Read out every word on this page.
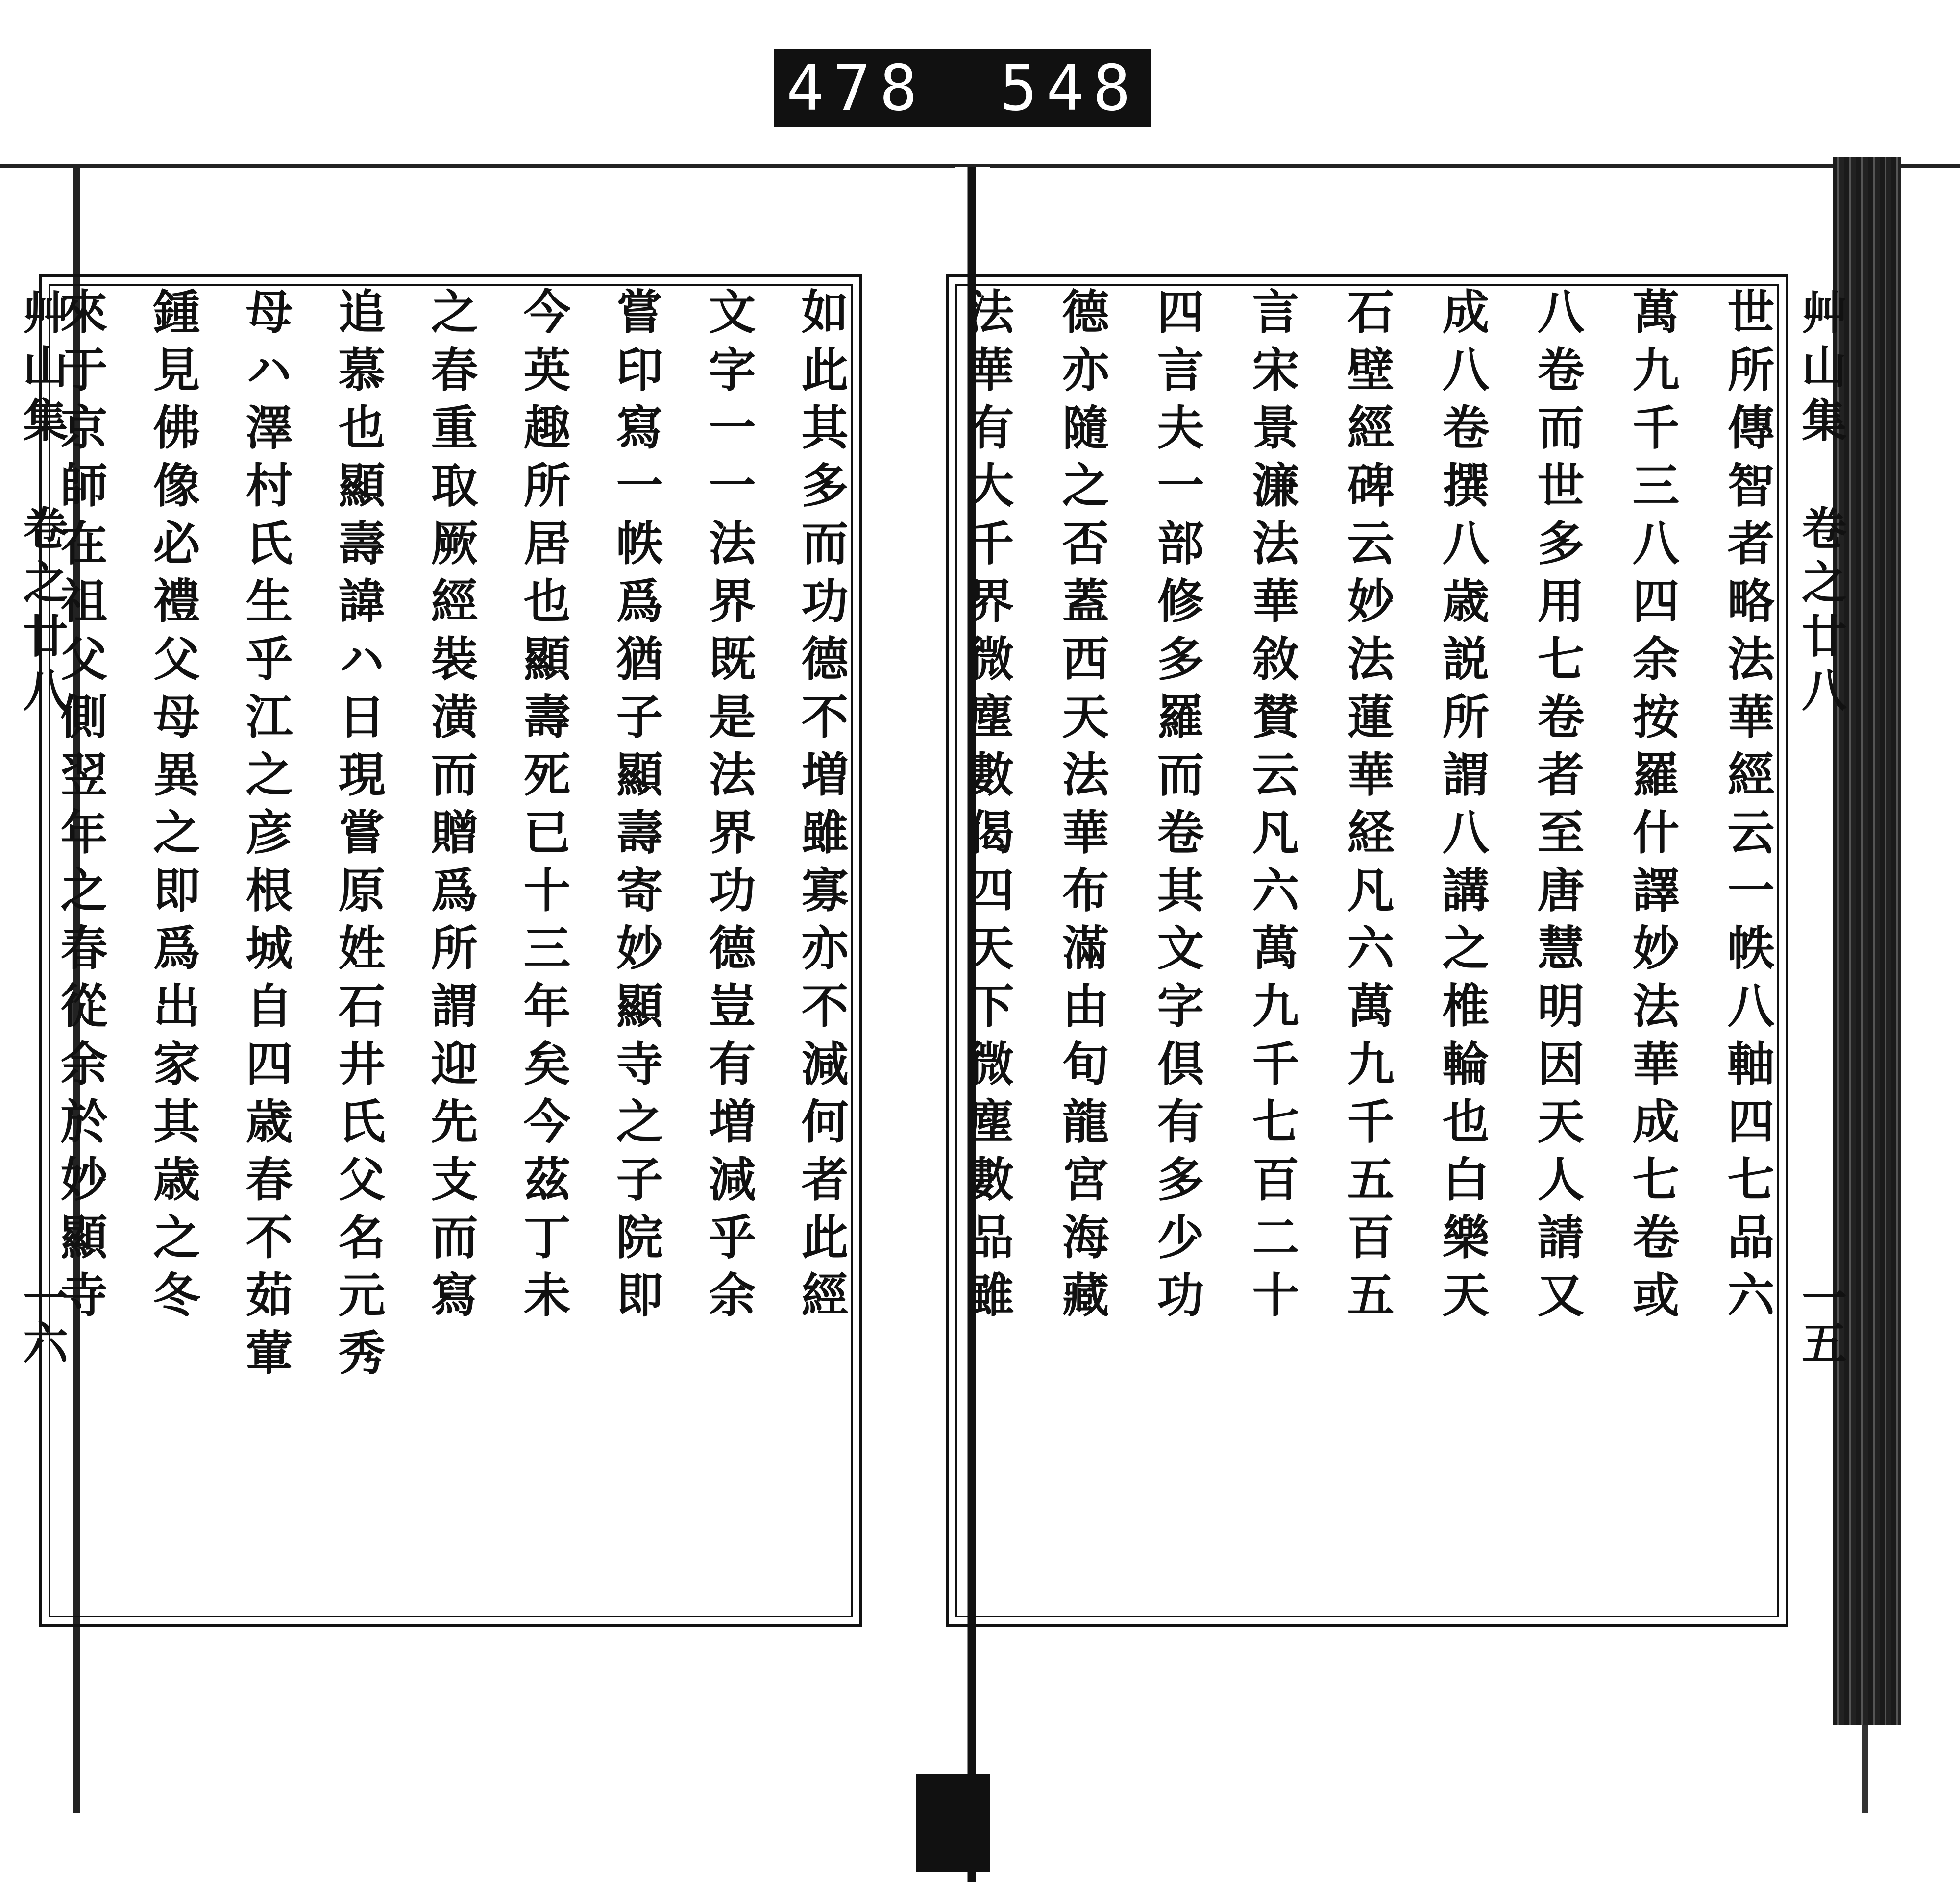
478 548
艸山集　卷之廿八
一六	如此其多而功德不増雖寡亦不減何者此經
文字一一法界既是法界功德豈有増減乎余
嘗印寫一帙爲猶子顯壽寄妙顯寺之子院即
今英趣所居也顯壽死已十三年矣今茲丁未
之春重取厥經裝潢而贈爲所謂迎先支而寫
追慕也顯壽諱ハ日現嘗原姓石井氏父名元秀
母ハ澤村氏生乎江之彦根城自四歳春不茹葷
鍾見佛像必禮父母異之即爲出家其歳之冬
來于京師在祖父側翌年之春從余於妙顯寺	艸山集　卷之廿八
一五
世所傳智者略法華經云一帙八軸四七品六
萬九千三八四余按羅什譯妙法華成七卷或
八卷而世多用七卷者至唐慧明因天人請又
成八卷撰八歳説所謂八講之椎輪也白樂天
石壁經碑云妙法蓮華経凡六萬九千五百五
言宋景濂法華敘賛云凡六萬九千七百二十
四言夫一部修多羅而卷其文字倶有多少功
德亦隨之否蓋西天法華布滿由旬龍宮海藏
法華有大千界微塵數偈四天下微塵數品雖
